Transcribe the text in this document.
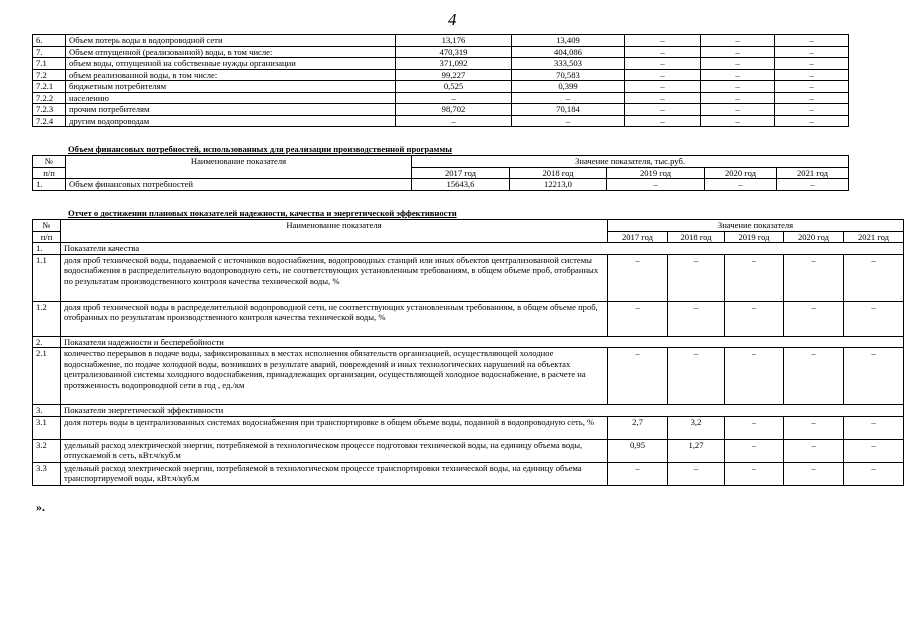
4
6.	Объем потерь воды в водопроводной сети	13,176	13,409	–	–	–
7.	Объем отпущенной (реализованной) воды, в том числе:	470,319	404,086	–	–	–
7.1	объем воды, отпущенной на собственные нужды организации	371,092	333,503	–	–	–
7.2	объем реализованной воды, в том числе:	99,227	70,583	–	–	–
7.2.1	бюджетным потребителям	0,525	0,399	–	–	–
7.2.2	населению	–	–	–	–	–
7.2.3	прочим потребителям	98,702	70,184	–	–	–
7.2.4	другим водопроводам	–	–	–	–	–
Объем финансовых потребностей, использованных для реализации производственной программы
№	Наименование показателя	Значение показателя, тыс.руб.				
п/п		2017 год	2018 год	2019 год	2020 год	2021 год
1.	Объем финансовых потребностей	15643,6	12213,0	–	–	–
Отчет о достижении плановых показателей надежности, качества и энергетической эффективности
№	Наименование показателя	Значение показателя				
п/п		2017 год	2018 год	2019 год	2020 год	2021 год
1.	Показатели качества					
1.1	доля проб технической воды, подаваемой с источников водоснабжения, водопроводных станций или иных объектов централизованной системы водоснабжения в распределительную водопроводную сеть, не соответствующих установленным требованиям, в общем объеме проб, отобранных по результатам производственного контроля качества технической воды, %	–	–	–	–	–
1.2	доля проб технической воды в распределительной водопроводной сети, не соответствующих установленным требованиям, в общем объеме проб, отобранных по результатам производственного контроля качества технической воды, %	–	–	–	–	–
2.	Показатели надежности и бесперебойности					
2.1	количество перерывов в подаче воды, зафиксированных в местах исполнения обязательств организацией, осуществляющей холодное водоснабжение, по подаче холодной воды, возникших в результате аварий, повреждений и иных технологических нарушений на объектах централизованной системы холодного водоснабжения, принадлежащих организации, осуществляющей холодное водоснабжение, в расчете на протяженность водопроводной сети в год , ед./км	–	–	–	–	–
3.	Показатели энергетической эффективности					
3.1	доля потерь воды в централизованных системах водоснабжения при транспортировке в общем объеме воды, поданной в водопроводную сеть, %	2,7	3,2	–	–	–
3.2	удельный расход электрической энергии, потребляемой в технологическом процессе подготовки технической воды, на единицу объема воды, отпускаемой в сеть, кВт.ч/куб.м	0,95	1,27	–	–	–
3.3	удельный расход электрической энергии, потребляемой в технологическом процессе транспортировки технической воды, на единицу объема транспортируемой воды, кВт.ч/куб.м	–	–	–	–	–
».
